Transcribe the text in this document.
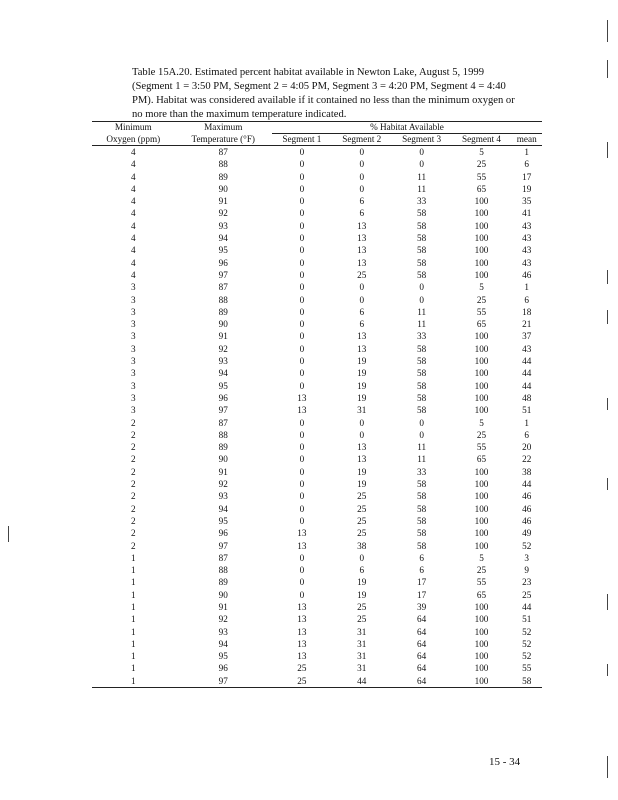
Table 15A.20. Estimated percent habitat available in Newton Lake, August 5, 1999
(Segment 1 = 3:50 PM, Segment 2 = 4:05 PM, Segment 3 = 4:20 PM, Segment 4 = 4:40
PM). Habitat was considered available if it contained no less than the minimum oxygen or
no more than the maximum temperature indicated.
Minimum	Maximum	% Habitat Available				
Oxygen (ppm)	Temperature (°F)	Segment 1	Segment 2	Segment 3	Segment 4	mean
4	87	0	0	0	5	1
4	88	0	0	0	25	6
4	89	0	0	11	55	17
4	90	0	0	11	65	19
4	91	0	6	33	100	35
4	92	0	6	58	100	41
4	93	0	13	58	100	43
4	94	0	13	58	100	43
4	95	0	13	58	100	43
4	96	0	13	58	100	43
4	97	0	25	58	100	46
3	87	0	0	0	5	1
3	88	0	0	0	25	6
3	89	0	6	11	55	18
3	90	0	6	11	65	21
3	91	0	13	33	100	37
3	92	0	13	58	100	43
3	93	0	19	58	100	44
3	94	0	19	58	100	44
3	95	0	19	58	100	44
3	96	13	19	58	100	48
3	97	13	31	58	100	51
2	87	0	0	0	5	1
2	88	0	0	0	25	6
2	89	0	13	11	55	20
2	90	0	13	11	65	22
2	91	0	19	33	100	38
2	92	0	19	58	100	44
2	93	0	25	58	100	46
2	94	0	25	58	100	46
2	95	0	25	58	100	46
2	96	13	25	58	100	49
2	97	13	38	58	100	52
1	87	0	0	6	5	3
1	88	0	6	6	25	9
1	89	0	19	17	55	23
1	90	0	19	17	65	25
1	91	13	25	39	100	44
1	92	13	25	64	100	51
1	93	13	31	64	100	52
1	94	13	31	64	100	52
1	95	13	31	64	100	52
1	96	25	31	64	100	55
1	97	25	44	64	100	58
15 - 34
